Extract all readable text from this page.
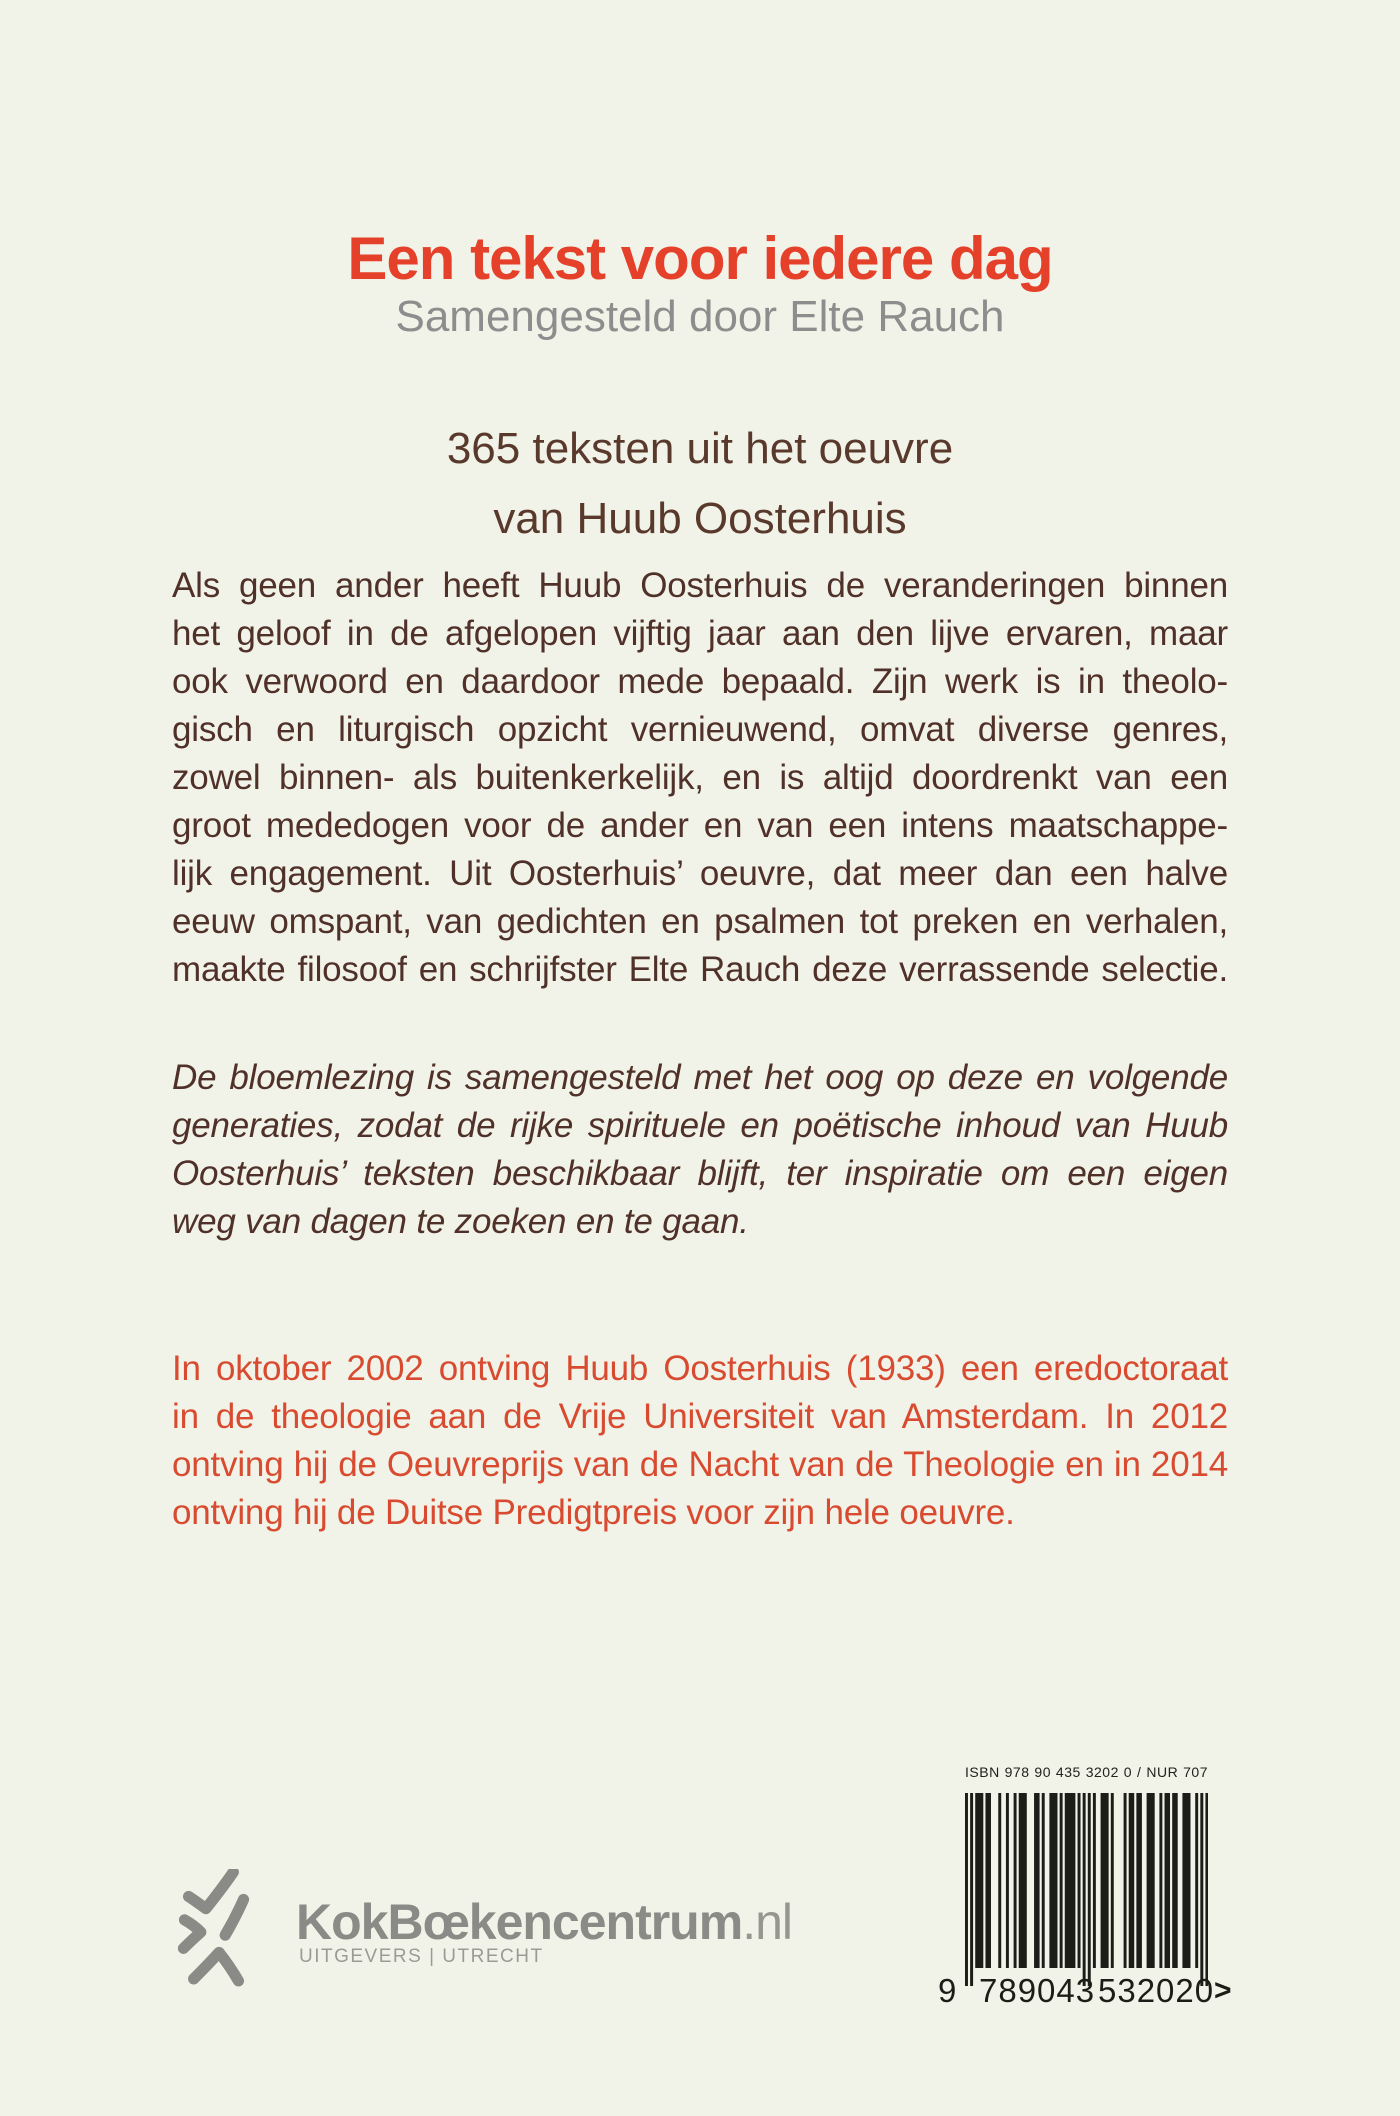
Een tekst voor iedere dag
Samengesteld door Elte Rauch
365 teksten uit het oeuvre
van Huub Oosterhuis
Als geen ander heeft Huub Oosterhuis de veranderingen binnen
het geloof in de afgelopen vijftig jaar aan den lijve ervaren, maar
ook verwoord en daardoor mede bepaald. Zijn werk is in theolo-
gisch en liturgisch opzicht vernieuwend, omvat diverse genres,
zowel binnen- als buitenkerkelijk, en is altijd doordrenkt van een
groot mededogen voor de ander en van een intens maatschappe-
lijk engagement. Uit Oosterhuis’ oeuvre, dat meer dan een halve
eeuw omspant, van gedichten en psalmen tot preken en verhalen,
maakte filosoof en schrijfster Elte Rauch deze verrassende selectie.
De bloemlezing is samengesteld met het oog op deze en volgende
generaties, zodat de rijke spirituele en poëtische inhoud van Huub
Oosterhuis’ teksten beschikbaar blijft, ter inspiratie om een eigen
weg van dagen te zoeken en te gaan.
In oktober 2002 ontving Huub Oosterhuis (1933) een eredoctoraat
in de theologie aan de Vrije Universiteit van Amsterdam. In 2012
ontving hij de Oeuvreprijs van de Nacht van de Theologie en in 2014
ontving hij de Duitse Predigtpreis voor zijn hele oeuvre.
ISBN 978 90 435 3202 0 / NUR 707
9 789043 532020 >
KokBœkencentrum.nl
UITGEVERS | UTRECHT
